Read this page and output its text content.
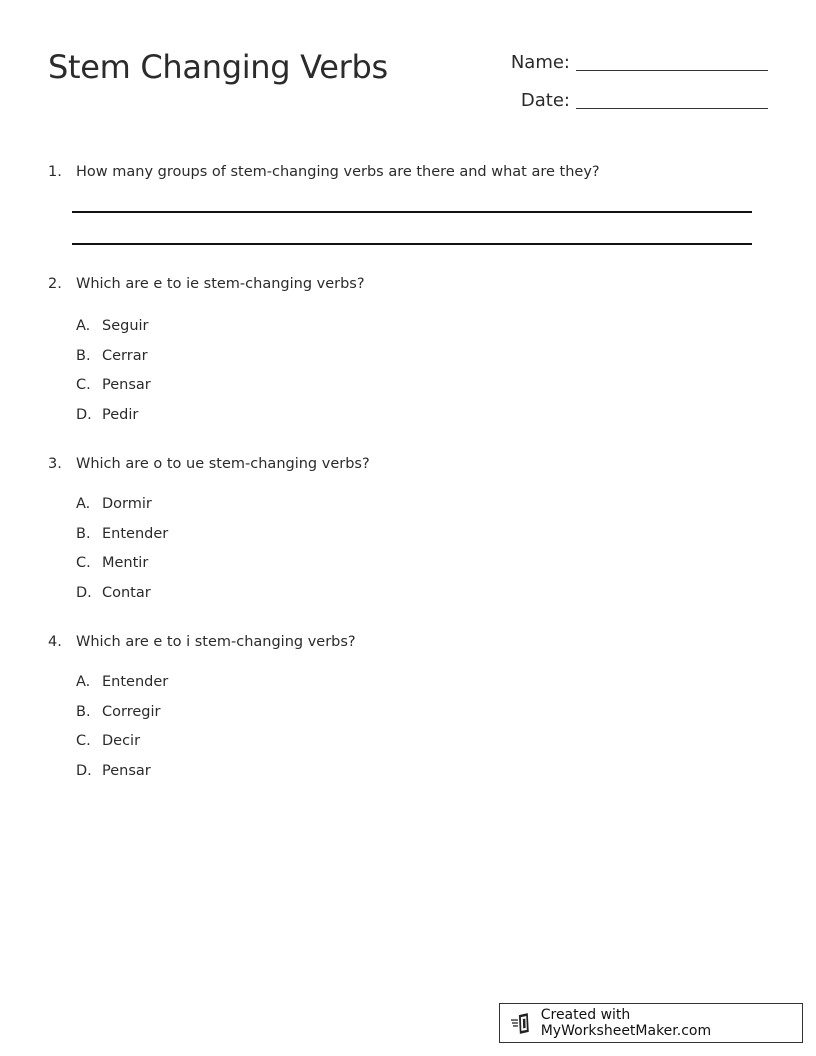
Stem Changing Verbs	Name:
Date:
1. How many groups of stem-changing verbs are there and what are they?
2. Which are e to ie stem-changing verbs?
A. Seguir
B. Cerrar
C. Pensar
D. Pedir
3. Which are o to ue stem-changing verbs?
A. Dormir
B. Entender
C. Mentir
D. Contar
4. Which are e to i stem-changing verbs?
A. Entender
B. Corregir
C. Decir
D. Pensar
Created with MyWorksheetMaker.com
